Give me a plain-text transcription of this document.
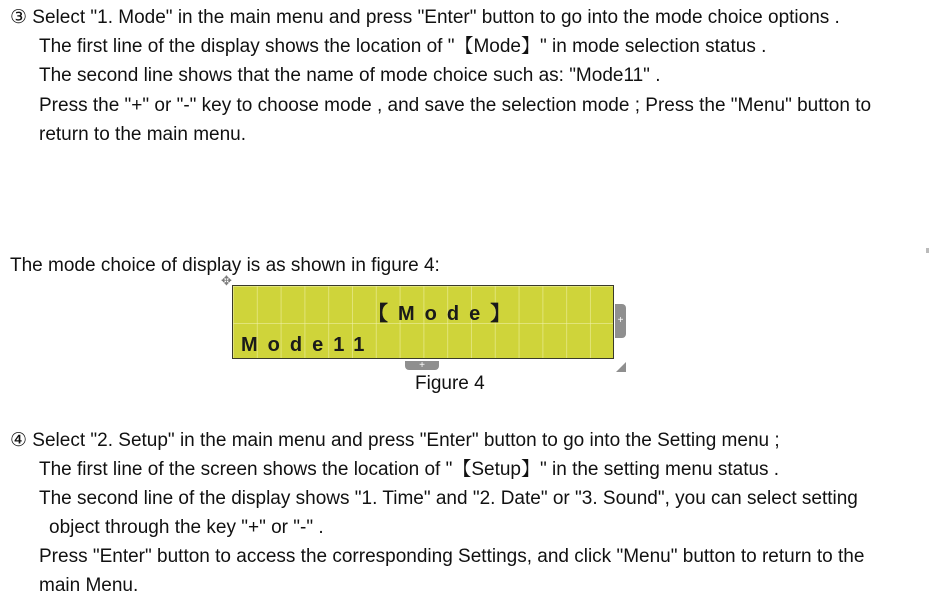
③ Select "1. Mode" in the main menu and press "Enter" button to go into the mode choice options .
The first line of the display shows the location of "【Mode】" in mode selection status .
The second line shows that the name of mode choice such as: "Mode11" .
Press the "+" or "-" key to choose mode , and save the selection mode ; Press the "Menu" button to
return to the main menu.
The mode choice of display is as shown in figure 4:
✥
【Mode】
Mode11
+
+
Figure 4
④ Select "2. Setup" in the main menu and press "Enter" button to go into the Setting menu ;
The first line of the screen shows the location of "【Setup】" in the setting menu status .
The second line of the display shows "1. Time" and "2. Date" or "3. Sound", you can select setting
object through the key "+" or "-" .
Press "Enter" button to access the corresponding Settings, and click "Menu" button to return to the
main Menu.
